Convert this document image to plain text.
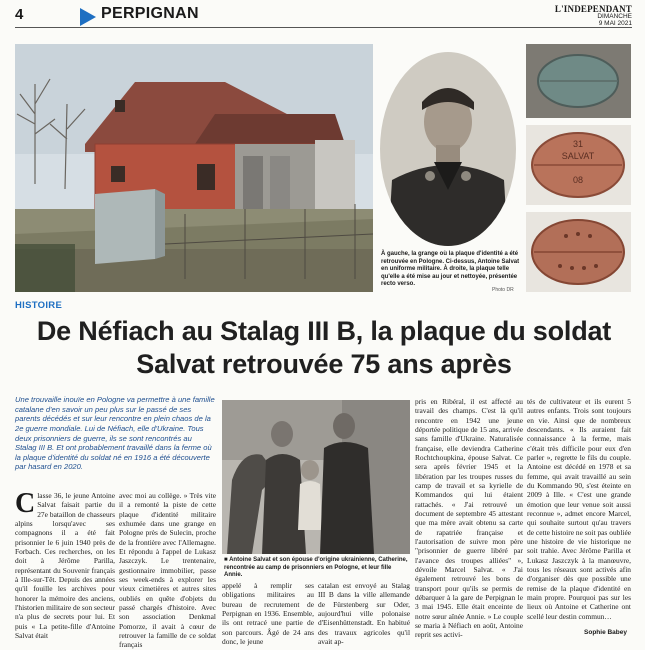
4	PERPIGNAN	L'INDEPENDANT
DIMANCHE
9 MAI 2021
31
SALVAT
08
À gauche, la grange où la plaque d'identité a été retrouvée en Pologne. Ci-dessus, Antoine Salvat en uniforme militaire. À droite, la plaque telle qu'elle a été mise au jour et nettoyée, présentée recto verso.
Photo DR
HISTOIRE
De Néfiach au Stalag III B, la plaque du soldat Salvat retrouvée 75 ans après
Une trouvaille inouïe en Pologne va permettre à une famille catalane d'en savoir un peu plus sur le passé de ses parents décédés et sur leur rencontre en plein chaos de la 2e guerre mondiale. Lui de Néfiach, elle d'Ukraine. Tous deux prisonniers de guerre, ils se sont rencontrés au Stalag III B. Et ont probablement travaillé dans la ferme où la plaque d'identité du soldat né en 1916 a été découverte par hasard en 2020.

Classe 36, le jeune Antoine Salvat faisait partie du 27e bataillon de chasseurs alpins lorsqu'avec ses compagnons il a été fait prisonnier le 6 juin 1940 près de Forbach. Ces recherches, on les doit à Jérôme Parilla, représentant du Souvenir français à Ille-sur-Têt. Depuis des années qu'il fouille les archives pour honorer la mémoire des anciens, l'historien militaire de son secteur n'a plus de secrets pour lui. Et puis « La petite-fille d'Antoine Salvat était

avec moi au collège. » Très vite il a remonté la piste de cette plaque d'identité militaire exhumée dans une grange en Pologne près de Sulecin, proche de la frontière avec l'Allemagne. Et répondu à l'appel de Lukasz Jaszczyk. Le trentenaire, gestionnaire immobilier, passe ses week-ends à explorer les vieux cimetières et autres sites oubliés en quête d'objets du passé chargés d'histoire. Avec son association Denkmal Pomorze, il avait à cœur de retrouver la famille de ce soldat français

■ Antoine Salvat et son épouse d'origine ukrainienne, Catherine, rencontrée au camp de prisonniers en Pologne, et leur fille Annie.

appelé à remplir ses obligations militaires au bureau de recrutement de Perpignan en 1936. Ensemble, ils ont retracé une partie de son parcours. Âgé de 24 ans donc, le jeune

catalan est envoyé au Stalag III B dans la ville allemande de Fürstenberg sur Oder, aujourd'hui ville polonaise d'Eisenhüttenstadt. En habitué des travaux agricoles qu'il avait ap-

pris en Ribéral, il est affecté au travail des champs. C'est là qu'il rencontre en 1942 une jeune déportée politique de 15 ans, arrivée sans famille d'Ukraine. Naturalisée française, elle deviendra Catherine Rochtchoupkina, épouse Salvat. Ce sera après février 1945 et la libération par les troupes russes du camp de travail et sa kyrielle de Kommandos qui lui étaient rattachés. « J'ai retrouvé un document de septembre 45 attestant que ma mère avait obtenu sa carte de rapatriée française et l'autorisation de suivre mon père "prisonnier de guerre libéré par l'avance des troupes alliées" », dévoile Marcel Salvat. « J'ai également retrouvé les bons de transport pour qu'ils se permis de débarquer à la gare de Perpignan le 3 mai 1945. Elle était enceinte de notre sœur aînée Annie. » Le couple se maria à Néfiach en août, Antoine reprit ses activi-

tés de cultivateur et ils eurent 5 autres enfants. Trois sont toujours en vie. Ainsi que de nombreux descendants. « Ils auraient fait connaissance à la ferme, mais c'était très difficile pour eux d'en parler », regrette le fils du couple. Antoine est décédé en 1978 et sa femme, qui avait travaillé au sein du Kommando 90, s'est éteinte en 2009 à Ille. « C'est une grande émotion que leur venue soit aussi reconnue », admet encore Marcel, qui souhaite surtout qu'au travers de cette histoire ne soit pas oubliée une histoire de vie historique ne soit trahie. Avec Jérôme Parilla et Lukasz Jaszczyk à la manœuvre, tous les réseaux sont activés afin d'organiser dès que possible une remise de la plaque d'identité en main propre. Pourquoi pas sur les lieux où Antoine et Catherine ont scellé leur destin commun…

Sophie Babey
